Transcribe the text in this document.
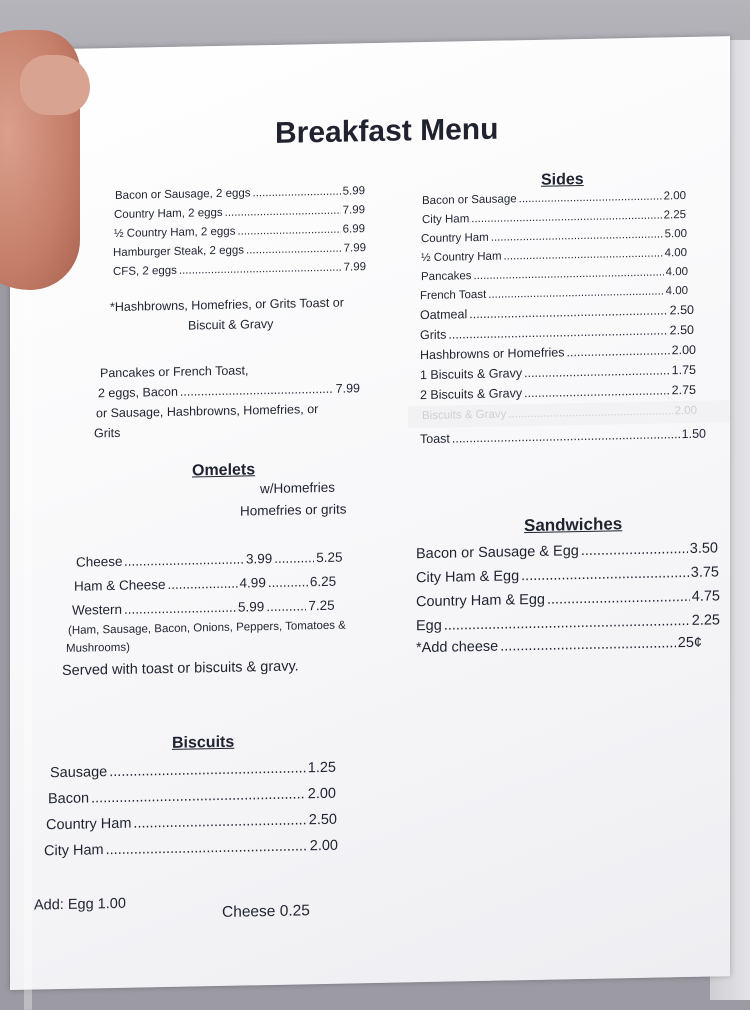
Breakfast Menu
Bacon or Sausage, 2 eggs .....	5.99
Country Ham, 2 eggs .....	7.99
½ Country Ham, 2 eggs .....	6.99
Hamburger Steak, 2 eggs .....	7.99
CFS, 2 eggs .....	7.99
*Hashbrowns, Homefries, or Grits Toast or
Biscuit & Gravy
Pancakes or French Toast,
2 eggs, Bacon .....	7.99
or Sausage, Hashbrowns, Homefries, or
Grits
Omelets
w/Homefries
Homefries or grits
Cheese .....	3.99 .....	5.25
Ham & Cheese .....	4.99 .....	6.25
Western .....	5.99 .....	7.25
(Ham, Sausage, Bacon, Onions, Peppers, Tomatoes &
Mushrooms)
Served with toast or biscuits & gravy.
Biscuits
Sausage .....	1.25
Bacon .....	2.00
Country Ham .....	2.50
City Ham .....	2.00
Add: Egg 1.00	Cheese 0.25
Sides
Bacon or Sausage .....	2.00
City Ham .....	2.25
Country Ham .....	5.00
½ Country Ham .....	4.00
Pancakes .....	4.00
French Toast .....	4.00
Oatmeal .....	2.50
Grits .....	2.50
Hashbrowns or Homefries .....	2.00
1 Biscuits & Gravy .....	1.75
2 Biscuits & Gravy .....	2.75
Biscuits & Gravy .....	2.00
Toast .....	1.50
Sandwiches
Bacon or Sausage & Egg .....	3.50
City Ham & Egg .....	3.75
Country Ham & Egg .....	4.75
Egg .....	2.25
*Add cheese .....	25¢
